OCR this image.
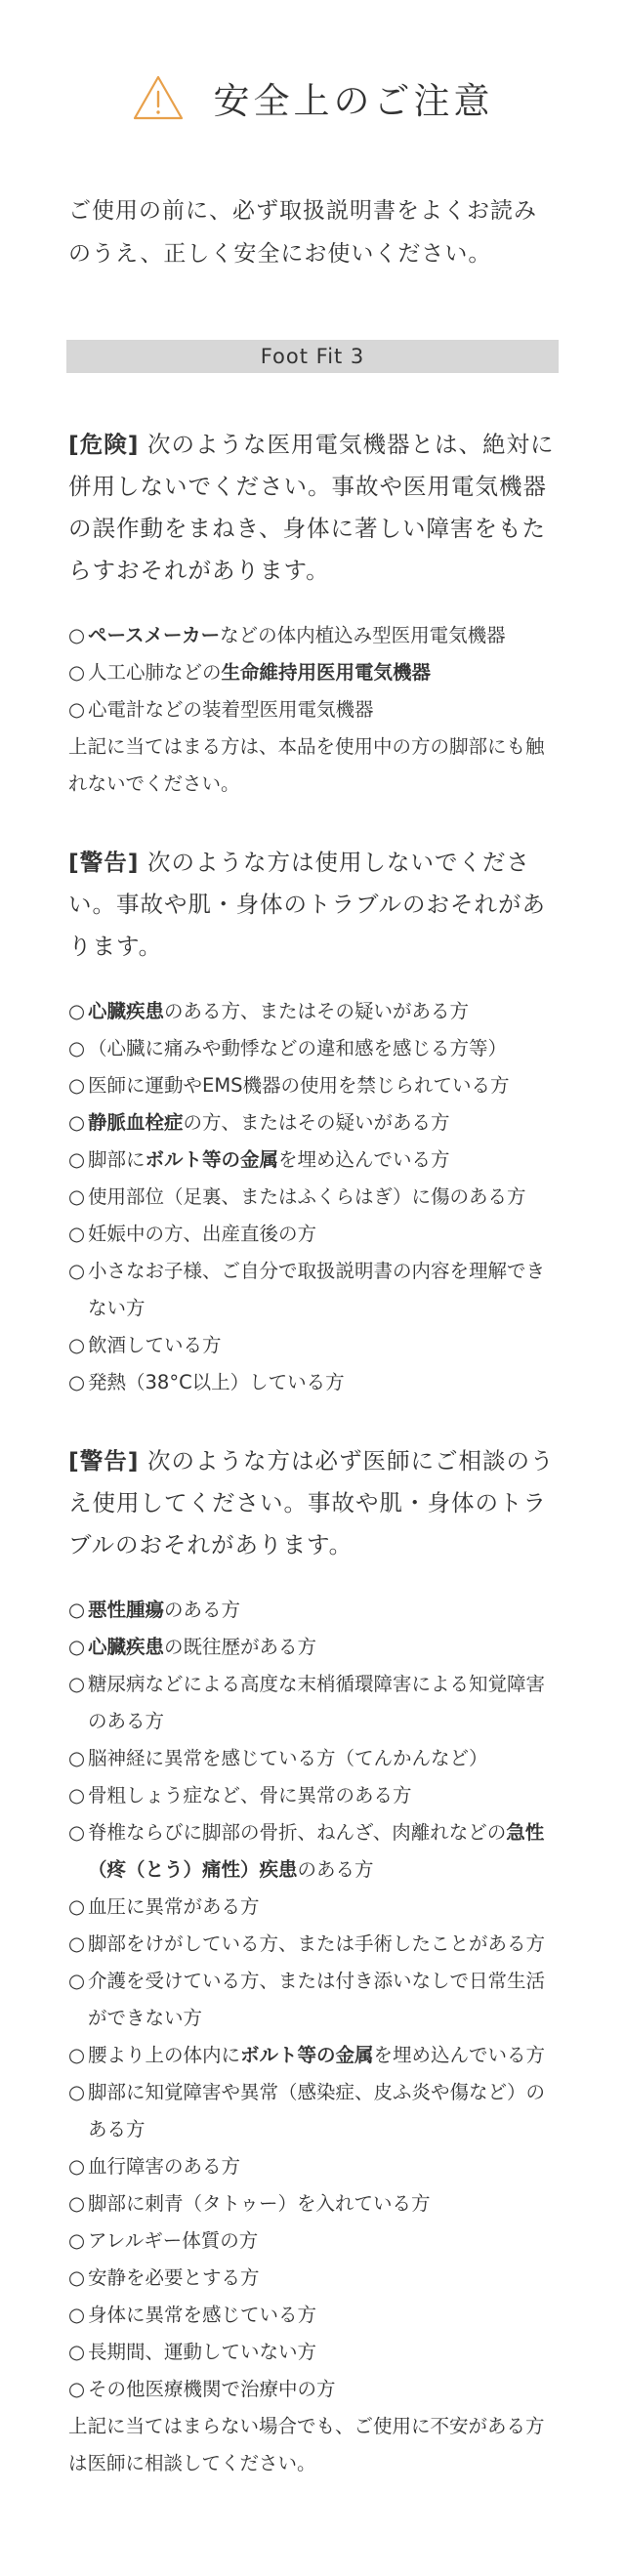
安全上のご注意
ご使用の前に、必ず取扱説明書をよくお読みのうえ、正しく安全にお使いください。
Foot Fit 3
[危険] 次のような医用電気機器とは、絶対に併用しないでください。事故や医用電気機器の誤作動をまねき、身体に著しい障害をもたらすおそれがあります。
○ ペースメーカーなどの体内植込み型医用電気機器
○ 人工心肺などの生命維持用医用電気機器
○ 心電計などの装着型医用電気機器
上記に当てはまる方は、本品を使用中の方の脚部にも触れないでください。
[警告] 次のような方は使用しないでください。事故や肌・身体のトラブルのおそれがあります。
○ 心臓疾患のある方、またはその疑いがある方
○ （心臓に痛みや動悸などの違和感を感じる方等）
○ 医師に運動やEMS機器の使用を禁じられている方
○ 静脈血栓症の方、またはその疑いがある方
○ 脚部にボルト等の金属を埋め込んでいる方
○ 使用部位（足裏、またはふくらはぎ）に傷のある方
○ 妊娠中の方、出産直後の方
○ 小さなお子様、ご自分で取扱説明書の内容を理解できない方
○ 飲酒している方
○ 発熱（38°C以上）している方
[警告] 次のような方は必ず医師にご相談のうえ使用してください。事故や肌・身体のトラブルのおそれがあります。
○ 悪性腫瘍のある方
○ 心臓疾患の既往歴がある方
○ 糖尿病などによる高度な末梢循環障害による知覚障害のある方
○ 脳神経に異常を感じている方（てんかんなど）
○ 骨粗しょう症など、骨に異常のある方
○ 脊椎ならびに脚部の骨折、ねんざ、肉離れなどの急性（疼（とう）痛性）疾患のある方
○ 血圧に異常がある方
○ 脚部をけがしている方、または手術したことがある方
○ 介護を受けている方、または付き添いなしで日常生活ができない方
○ 腰より上の体内にボルト等の金属を埋め込んでいる方
○ 脚部に知覚障害や異常（感染症、皮ふ炎や傷など）のある方
○ 血行障害のある方
○ 脚部に刺青（タトゥー）を入れている方
○ アレルギー体質の方
○ 安静を必要とする方
○ 身体に異常を感じている方
○ 長期間、運動していない方
○ その他医療機関で治療中の方
上記に当てはまらない場合でも、ご使用に不安がある方は医師に相談してください。
